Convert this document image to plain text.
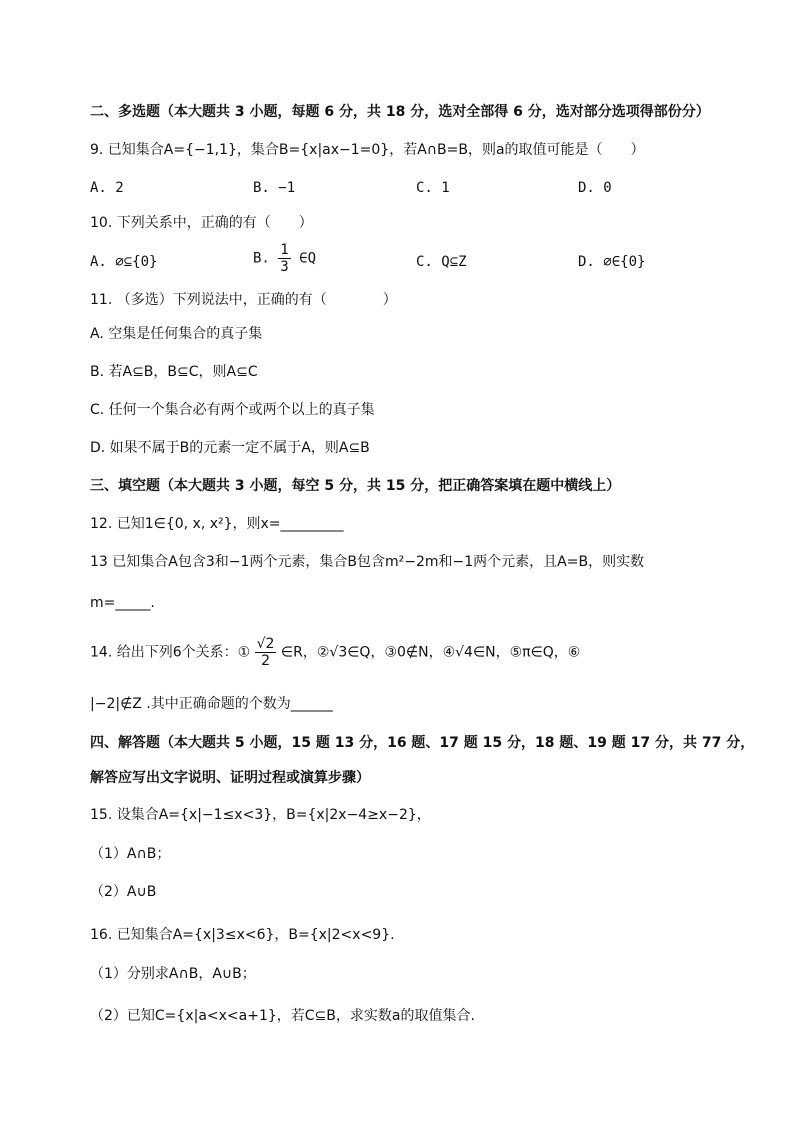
二、多选题（本大题共 3 小题，每题 6 分，共 18 分，选对全部得 6 分，选对部分选项得部份分）
9. 已知集合A={−1,1}，集合B={x|ax−1=0}，若A∩B=B，则a的取值可能是（　　）
A. 2	B. −1	C. 1	D. 0
10. 下列关系中，正确的有（　　）
A. ∅⊆{0}	B. $\frac{1}{3}$ ∈Q	C. Q⊆Z	D. ∅∈{0}
11. （多选）下列说法中，正确的有（　　　　）
A. 空集是任何集合的真子集
B. 若A⊆B，B⊆C，则A⊆C
C. 任何一个集合必有两个或两个以上的真子集
D. 如果不属于B的元素一定不属于A，则A⊆B
三、填空题（本大题共 3 小题，每空 5 分，共 15 分，把正确答案填在题中横线上）
12. 已知1∈{0, x, x²}，则x=_________
13 已知集合A包含3和−1两个元素，集合B包含m²−2m和−1两个元素，且A=B，则实数
m=_____.
14. 给出下列6个关系：① $\frac{√2}{2}$ ∈R，②√3∈Q，③0∉N，④√4∈N，⑤π∈Q，⑥
|−2|∉Z .其中正确命题的个数为______
四、解答题（本大题共 5 小题，15 题 13 分，16 题、17 题 15 分，18 题、19 题 17 分，共 77 分，
解答应写出文字说明、证明过程或演算步骤）
15. 设集合A={x|−1≤x<3}，B={x|2x−4≥x−2}，
（1）A∩B；
（2）A∪B
16. 已知集合A={x|3≤x<6}，B={x|2<x<9}.
（1）分别求A∩B，A∪B；
（2）已知C={x|a<x<a+1}，若C⊆B，求实数a的取值集合.
